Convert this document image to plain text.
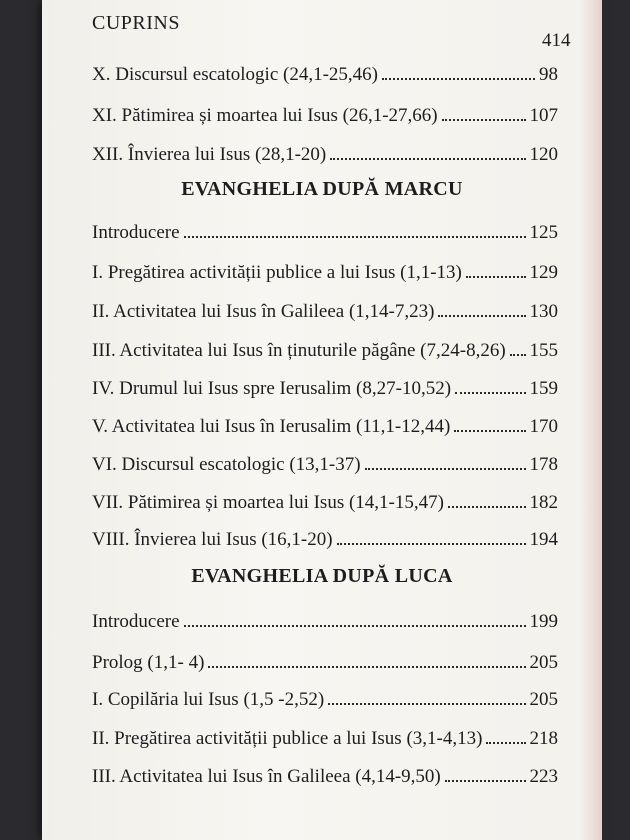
CUPRINS
414
X. Discursul escatologic (24,1-25,46)	98
XI. Pătimirea și moartea lui Isus (26,1-27,66)	107
XII. Învierea lui Isus (28,1-20)	120
EVANGHELIA DUPĂ MARCU
Introducere	125
I. Pregătirea activității publice a lui Isus (1,1-13)	129
II. Activitatea lui Isus în Galileea (1,14-7,23)	130
III. Activitatea lui Isus în ținuturile păgâne (7,24-8,26) 155
IV. Drumul lui Isus spre Ierusalim (8,27-10,52)	159
V. Activitatea lui Isus în Ierusalim (11,1-12,44)	170
VI. Discursul escatologic (13,1-37)	178
VII. Pătimirea și moartea lui Isus (14,1-15,47)	182
VIII. Învierea lui Isus (16,1-20)	194
EVANGHELIA DUPĂ LUCA
Introducere	199
Prolog (1,1- 4)	205
I. Copilăria lui Isus (1,5 -2,52)	205
II. Pregătirea activității publice a lui Isus (3,1-4,13) 218
III. Activitatea lui Isus în Galileea (4,14-9,50)	223
